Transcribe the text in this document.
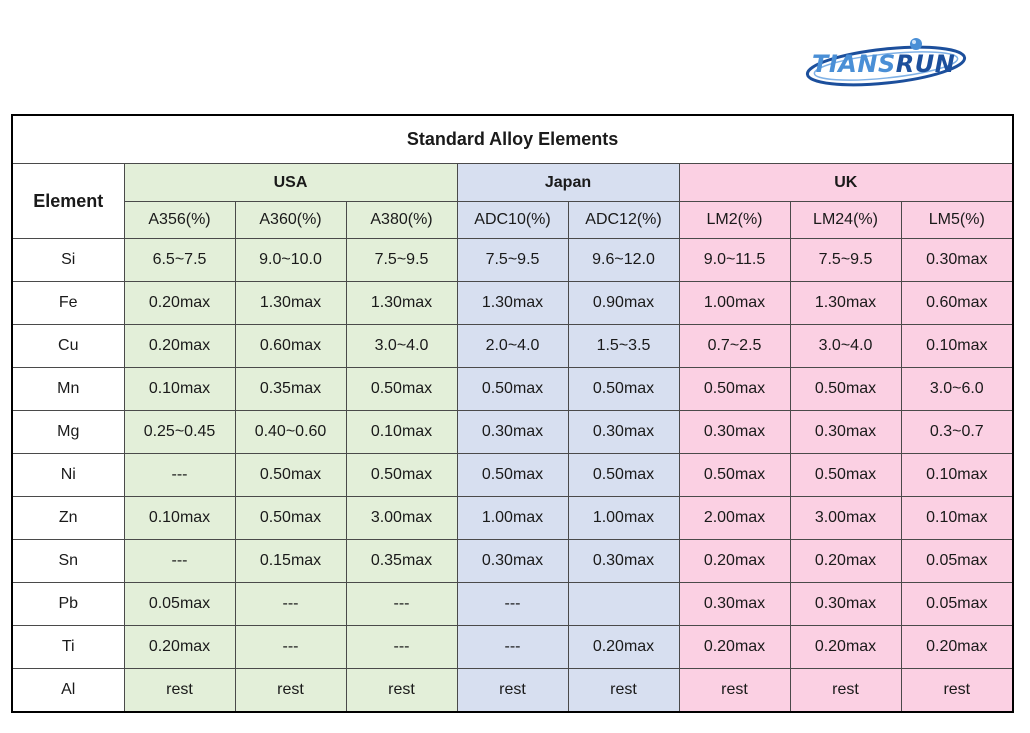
TIANSRUN
Standard Alloy Elements								
Element	USA			Japan		UK		
	A356(%)	A360(%)	A380(%)	ADC10(%)	ADC12(%)	LM2(%)	LM24(%)	LM5(%)
Si	6.5~7.5	9.0~10.0	7.5~9.5	7.5~9.5	9.6~12.0	9.0~11.5	7.5~9.5	0.30max
Fe	0.20max	1.30max	1.30max	1.30max	0.90max	1.00max	1.30max	0.60max
Cu	0.20max	0.60max	3.0~4.0	2.0~4.0	1.5~3.5	0.7~2.5	3.0~4.0	0.10max
Mn	0.10max	0.35max	0.50max	0.50max	0.50max	0.50max	0.50max	3.0~6.0
Mg	0.25~0.45	0.40~0.60	0.10max	0.30max	0.30max	0.30max	0.30max	0.3~0.7
Ni	---	0.50max	0.50max	0.50max	0.50max	0.50max	0.50max	0.10max
Zn	0.10max	0.50max	3.00max	1.00max	1.00max	2.00max	3.00max	0.10max
Sn	---	0.15max	0.35max	0.30max	0.30max	0.20max	0.20max	0.05max
Pb	0.05max	---	---	---		0.30max	0.30max	0.05max
Ti	0.20max	---	---	---	0.20max	0.20max	0.20max	0.20max
Al	rest	rest	rest	rest	rest	rest	rest	rest
